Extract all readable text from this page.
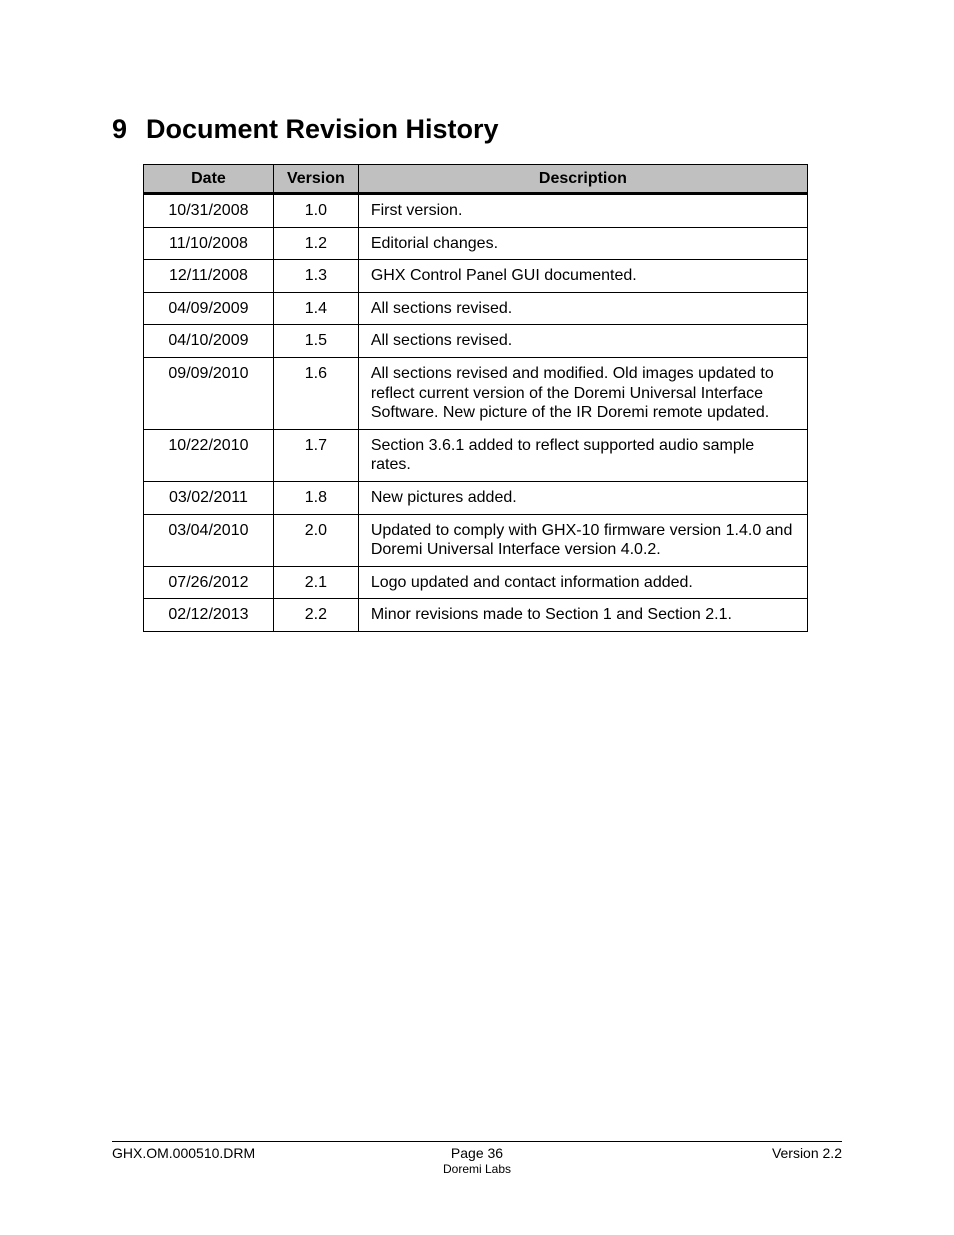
9 Document Revision History
Date	Version	Description
10/31/2008	1.0	First version.
11/10/2008	1.2	Editorial changes.
12/11/2008	1.3	GHX Control Panel GUI documented.
04/09/2009	1.4	All sections revised.
04/10/2009	1.5	All sections revised.
09/09/2010	1.6	All sections revised and modified. Old images updated to reflect current version of the Doremi Universal Interface Software. New picture of the IR Doremi remote updated.
10/22/2010	1.7	Section 3.6.1 added to reflect supported audio sample rates.
03/02/2011	1.8	New pictures added.
03/04/2010	2.0	Updated to comply with GHX-10 firmware version 1.4.0 and Doremi Universal Interface version 4.0.2.
07/26/2012	2.1	Logo updated and contact information added.
02/12/2013	2.2	Minor revisions made to Section 1 and Section 2.1.
GHX.OM.000510.DRM	Page 36
Doremi Labs
Version 2.2
